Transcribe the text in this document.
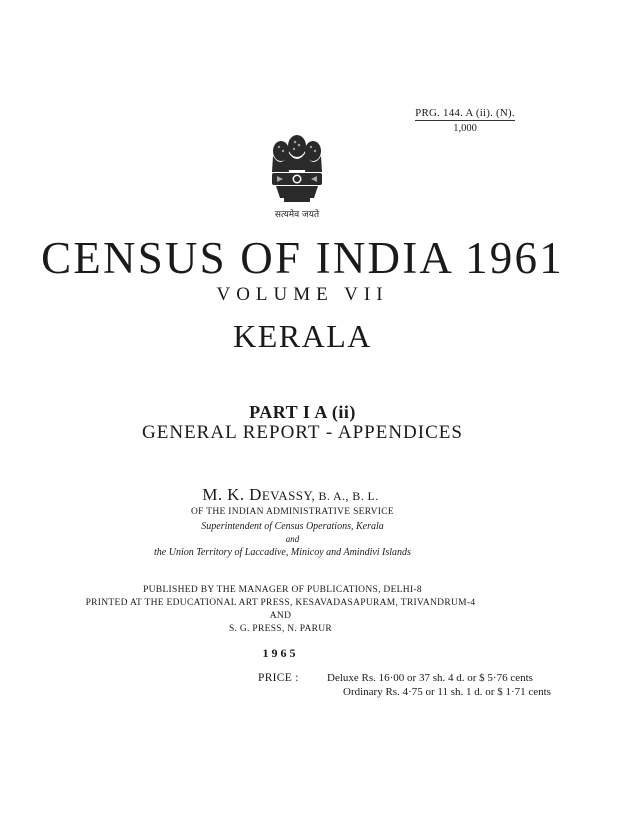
PRG. 144. A (ii). (N).
1,000
सत्यमेव जयते
CENSUS OF INDIA 1961
VOLUME VII
KERALA
PART I A (ii)
GENERAL REPORT - APPENDICES
M. K. DEVASSY, B. A., B. L.
OF THE INDIAN ADMINISTRATIVE SERVICE
Superintendent of Census Operations, Kerala
and
the Union Territory of Laccadive, Minicoy and Amindivi Islands
PUBLISHED BY THE MANAGER OF PUBLICATIONS, DELHI-8
PRINTED AT THE EDUCATIONAL ART PRESS, KESAVADASAPURAM, TRIVANDRUM-4
AND
S. G. PRESS, N. PARUR
1965
PRICE :	Deluxe Rs. 16·00 or 37 sh. 4 d. or $ 5·76 cents
Ordinary Rs. 4·75 or 11 sh. 1 d. or $ 1·71 cents
